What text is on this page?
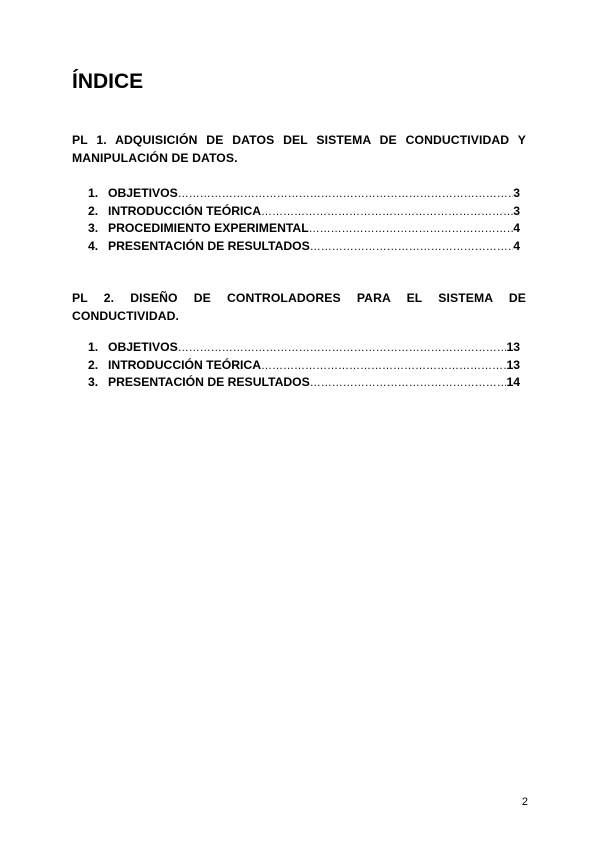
ÍNDICE

PL 1. ADQUISICIÓN DE DATOS DEL SISTEMA DE CONDUCTIVIDAD Y MANIPULACIÓN DE DATOS.

1. OBJETIVOS …………………………………………………………………………………………………………………………………………………………………	3
2. INTRODUCCIÓN TEÓRICA …………………………………………………………………………………………………………………………………………………………………	3
3. PROCEDIMIENTO EXPERIMENTAL …………………………………………………………………………………………………………………………………………………………………	4
4. PRESENTACIÓN DE RESULTADOS …………………………………………………………………………………………………………………………………………………………………	4

PL 2. DISEÑO DE CONTROLADORES PARA EL SISTEMA DE CONDUCTIVIDAD.

1. OBJETIVOS …………………………………………………………………………………………………………………………………………………………………	13
2. INTRODUCCIÓN TEÓRICA …………………………………………………………………………………………………………………………………………………………………	13
3. PRESENTACIÓN DE RESULTADOS …………………………………………………………………………………………………………………………………………………………………	14
2
